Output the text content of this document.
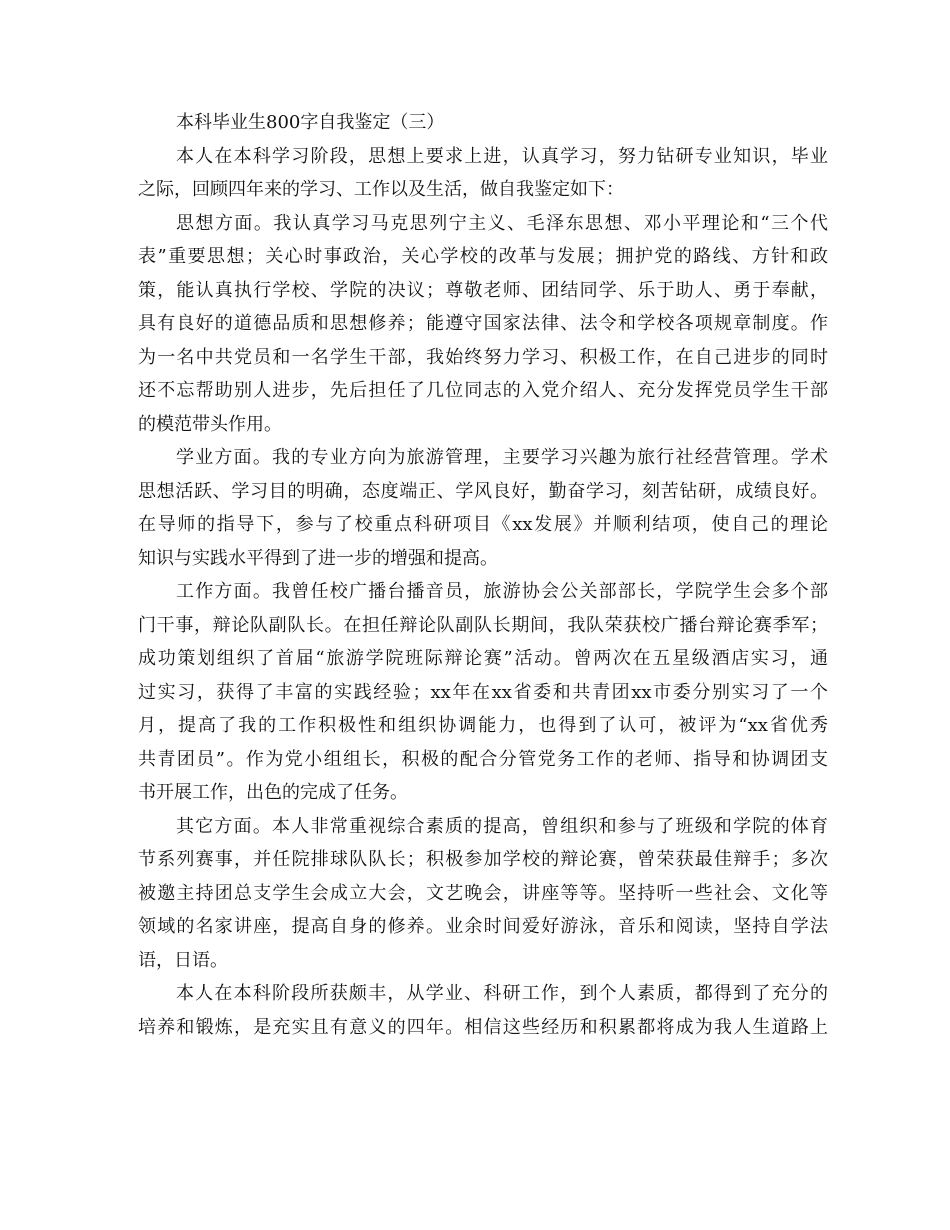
本科毕业生800字自我鉴定（三）
本人在本科学习阶段，思想上要求上进，认真学习，努力钻研专业知识，毕业
之际，回顾四年来的学习、工作以及生活，做自我鉴定如下：
思想方面。我认真学习马克思列宁主义、毛泽东思想、邓小平理论和“三个代
表”重要思想；关心时事政治，关心学校的改革与发展；拥护党的路线、方针和政
策，能认真执行学校、学院的决议；尊敬老师、团结同学、乐于助人、勇于奉献，
具有良好的道德品质和思想修养；能遵守国家法律、法令和学校各项规章制度。作
为一名中共党员和一名学生干部，我始终努力学习、积极工作，在自己进步的同时
还不忘帮助别人进步，先后担任了几位同志的入党介绍人、充分发挥党员学生干部
的模范带头作用。
学业方面。我的专业方向为旅游管理，主要学习兴趣为旅行社经营管理。学术
思想活跃、学习目的明确，态度端正、学风良好，勤奋学习，刻苦钻研，成绩良好。
在导师的指导下，参与了校重点科研项目《xx发展》并顺利结项，使自己的理论
知识与实践水平得到了进一步的增强和提高。
工作方面。我曾任校广播台播音员，旅游协会公关部部长，学院学生会多个部
门干事，辩论队副队长。在担任辩论队副队长期间，我队荣获校广播台辩论赛季军；
成功策划组织了首届“旅游学院班际辩论赛”活动。曾两次在五星级酒店实习，通
过实习，获得了丰富的实践经验；xx年在xx省委和共青团xx市委分别实习了一个
月，提高了我的工作积极性和组织协调能力，也得到了认可，被评为“xx省优秀
共青团员”。作为党小组组长，积极的配合分管党务工作的老师、指导和协调团支
书开展工作，出色的完成了任务。
其它方面。本人非常重视综合素质的提高，曾组织和参与了班级和学院的体育
节系列赛事，并任院排球队队长；积极参加学校的辩论赛，曾荣获最佳辩手；多次
被邀主持团总支学生会成立大会，文艺晚会，讲座等等。坚持听一些社会、文化等
领域的名家讲座，提高自身的修养。业余时间爱好游泳，音乐和阅读，坚持自学法
语，日语。
本人在本科阶段所获颇丰，从学业、科研工作，到个人素质，都得到了充分的
培养和锻炼，是充实且有意义的四年。相信这些经历和积累都将成为我人生道路上
